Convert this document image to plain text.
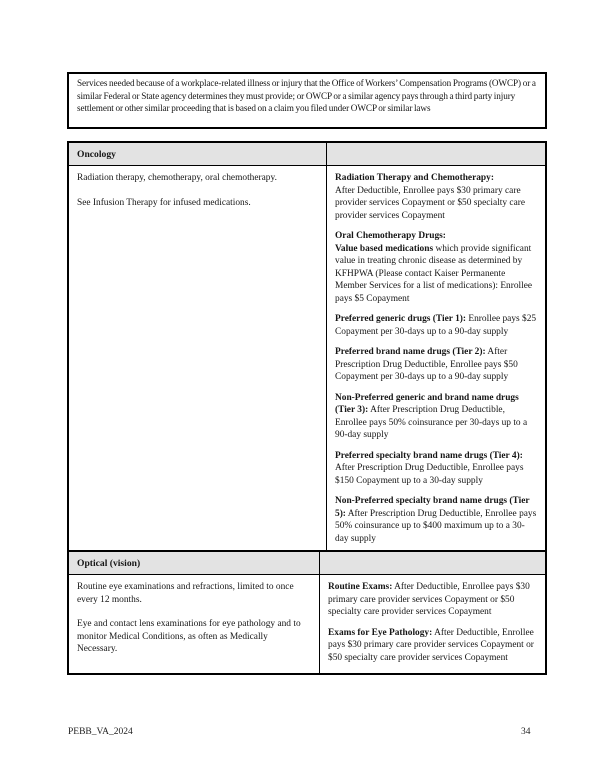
Services needed because of a workplace-related illness or injury that the Office of Workers’ Compensation Programs (OWCP) or a similar Federal or State agency determines they must provide; or OWCP or a similar agency pays through a third party injury settlement or other similar proceeding that is based on a claim you filed under OWCP or similar laws
Oncology

Radiation therapy, chemotherapy, oral chemotherapy.

See Infusion Therapy for infused medications.

Radiation Therapy and Chemotherapy:
After Deductible, Enrollee pays $30 primary care provider services Copayment or $50 specialty care provider services Copayment

Oral Chemotherapy Drugs:
Value based medications which provide significant value in treating chronic disease as determined by KFHPWA (Please contact Kaiser Permanente Member Services for a list of medications): Enrollee pays $5 Copayment

Preferred generic drugs (Tier 1): Enrollee pays $25 Copayment per 30-days up to a 90-day supply

Preferred brand name drugs (Tier 2): After Prescription Drug Deductible, Enrollee pays $50 Copayment per 30-days up to a 90-day supply

Non-Preferred generic and brand name drugs (Tier 3): After Prescription Drug Deductible, Enrollee pays 50% coinsurance per 30-days up to a 90-day supply

Preferred specialty brand name drugs (Tier 4): After Prescription Drug Deductible, Enrollee pays $150 Copayment up to a 30-day supply

Non-Preferred specialty brand name drugs (Tier 5): After Prescription Drug Deductible, Enrollee pays 50% coinsurance up to $400 maximum up to a 30-day supply

Optical (vision)

Routine eye examinations and refractions, limited to once every 12 months.

Eye and contact lens examinations for eye pathology and to monitor Medical Conditions, as often as Medically Necessary.

Routine Exams: After Deductible, Enrollee pays $30 primary care provider services Copayment or $50 specialty care provider services Copayment

Exams for Eye Pathology: After Deductible, Enrollee pays $30 primary care provider services Copayment or $50 specialty care provider services Copayment

PEBB_VA_2024	34
